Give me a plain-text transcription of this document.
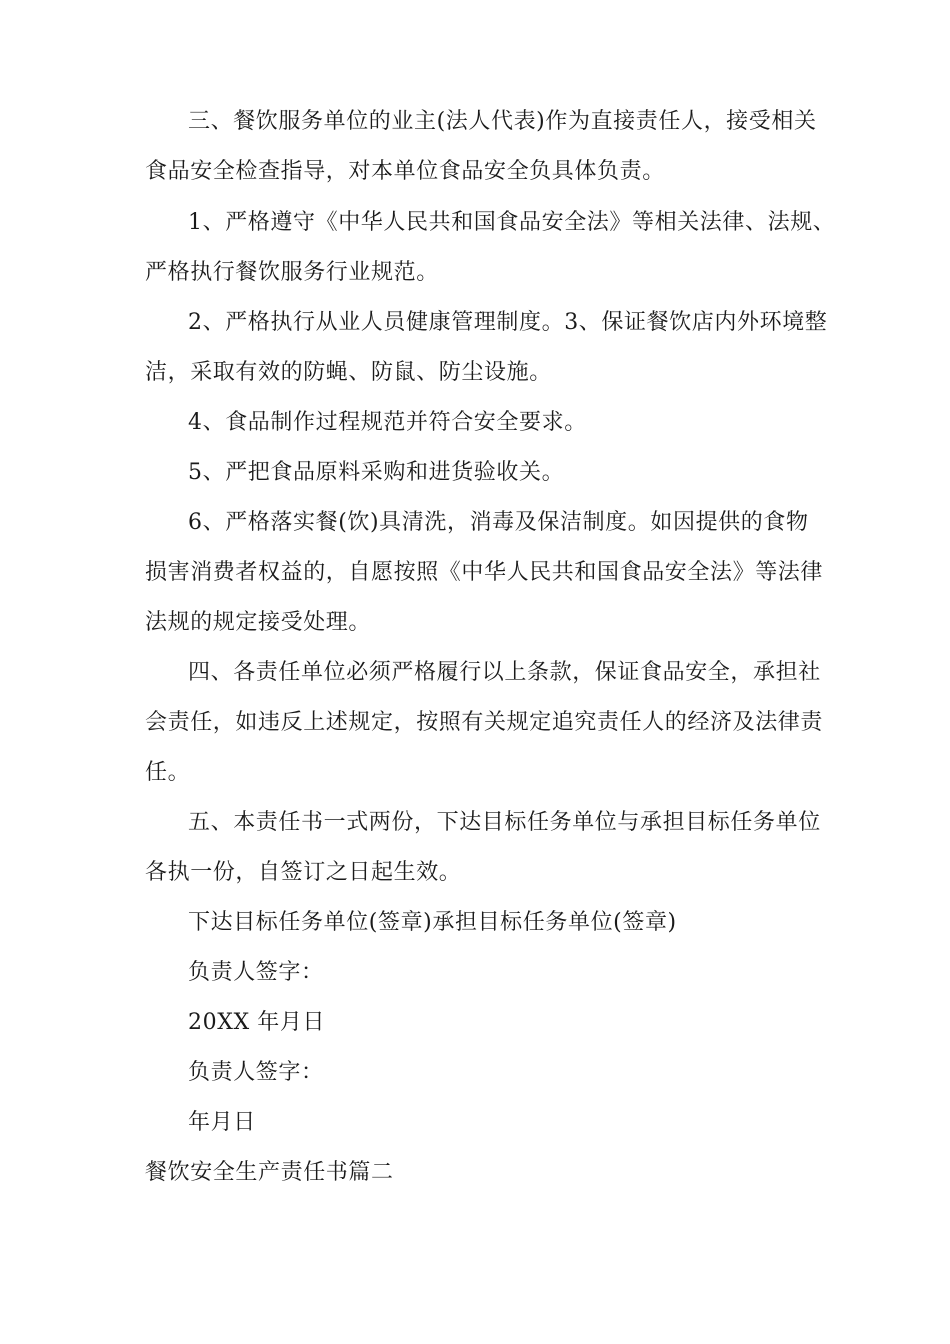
三、餐饮服务单位的业主(法人代表)作为直接责任人，接受相关
食品安全检查指导，对本单位食品安全负具体负责。
1、严格遵守《中华人民共和国食品安全法》等相关法律、法规、
严格执行餐饮服务行业规范。
2、严格执行从业人员健康管理制度。3、保证餐饮店内外环境整
洁，采取有效的防蝇、防鼠、防尘设施。
4、食品制作过程规范并符合安全要求。
5、严把食品原料采购和进货验收关。
6、严格落实餐(饮)具清洗，消毒及保洁制度。如因提供的食物
损害消费者权益的，自愿按照《中华人民共和国食品安全法》等法律
法规的规定接受处理。
四、各责任单位必须严格履行以上条款，保证食品安全，承担社
会责任，如违反上述规定，按照有关规定追究责任人的经济及法律责
任。
五、本责任书一式两份，下达目标任务单位与承担目标任务单位
各执一份，自签订之日起生效。
下达目标任务单位(签章)承担目标任务单位(签章)
负责人签字：
20XX 年月日
负责人签字：
年月日
餐饮安全生产责任书篇二
